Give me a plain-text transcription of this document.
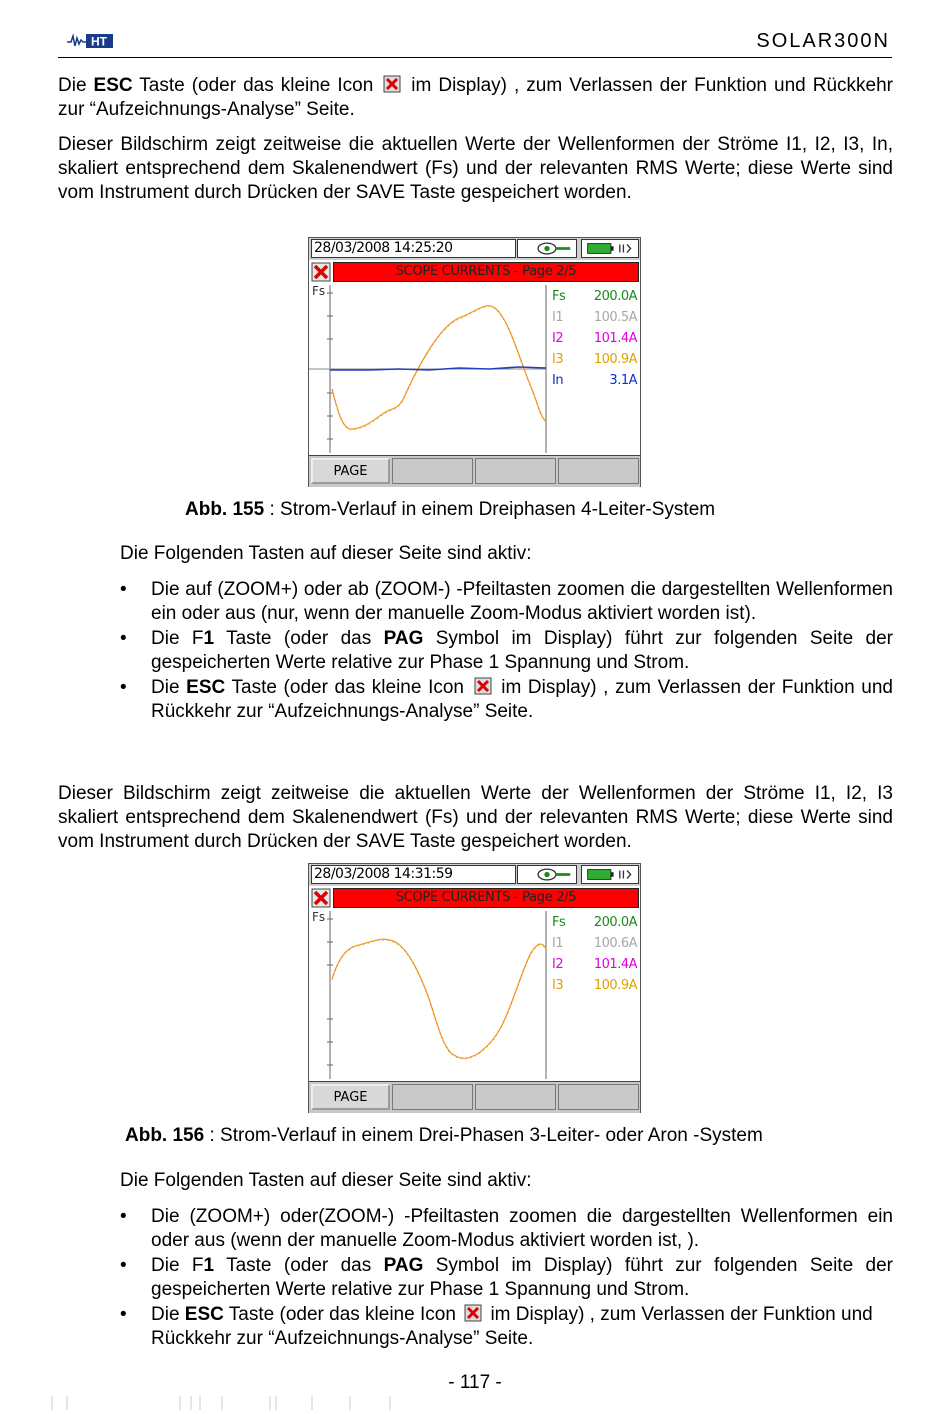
HT	SOLAR300N
Die ESC Taste (oder das kleine Icon  im Display) , zum Verlassen der Funktion und Rückkehr zur “Aufzeichnungs-Analyse” Seite.
Dieser Bildschirm zeigt zeitweise die aktuellen Werte der Wellenformen der Ströme I1, I2, I3, In, skaliert entsprechend dem Skalenendwert (Fs) und der relevanten RMS Werte; diese Werte sind vom Instrument durch Drücken der SAVE Taste gespeichert worden.
28/03/2008 14:25:20
SCOPE CURRENTS - Page 2/5
Fs	Fs 200.0A
I1 100.5A
I2 101.4A
I3 100.9A
In	3.1A
PAGE
Abb. 155 : Strom-Verlauf in einem Dreiphasen 4-Leiter-System
Die Folgenden Tasten auf dieser Seite sind aktiv:
• Die auf (ZOOM+) oder ab (ZOOM-) -Pfeiltasten zoomen die dargestellten Wellenformen ein oder aus (nur, wenn der manuelle Zoom-Modus aktiviert worden ist).
• Die F1 Taste (oder das PAG Symbol im Display) führt zur folgenden Seite der gespeicherten Werte relative zur Phase 1 Spannung und Strom.
• Die ESC Taste (oder das kleine Icon  im Display) , zum Verlassen der Funktion und Rückkehr zur “Aufzeichnungs-Analyse” Seite.
Dieser Bildschirm zeigt zeitweise die aktuellen Werte der Wellenformen der Ströme I1, I2, I3 skaliert entsprechend dem Skalenendwert (Fs) und der relevanten RMS Werte; diese Werte sind vom Instrument durch Drücken der SAVE Taste gespeichert worden.
28/03/2008 14:31:59
SCOPE CURRENTS - Page 2/5
Fs	Fs 200.0A
I1 100.6A
I2 101.4A
I3 100.9A
PAGE
Abb. 156 : Strom-Verlauf in einem Drei-Phasen 3-Leiter- oder Aron -System
Die Folgenden Tasten auf dieser Seite sind aktiv:
• Die (ZOOM+) oder(ZOOM-) -Pfeiltasten zoomen die dargestellten Wellenformen ein oder aus (wenn der manuelle Zoom-Modus aktiviert worden ist, ).
• Die F1 Taste (oder das PAG Symbol im Display) führt zur folgenden Seite der gespeicherten Werte relative zur Phase 1 Spannung und Strom.
• Die ESC Taste (oder das kleine Icon  im Display) , zum Verlassen der Funktion und Rückkehr zur “Aufzeichnungs-Analyse” Seite.
- 117 -
